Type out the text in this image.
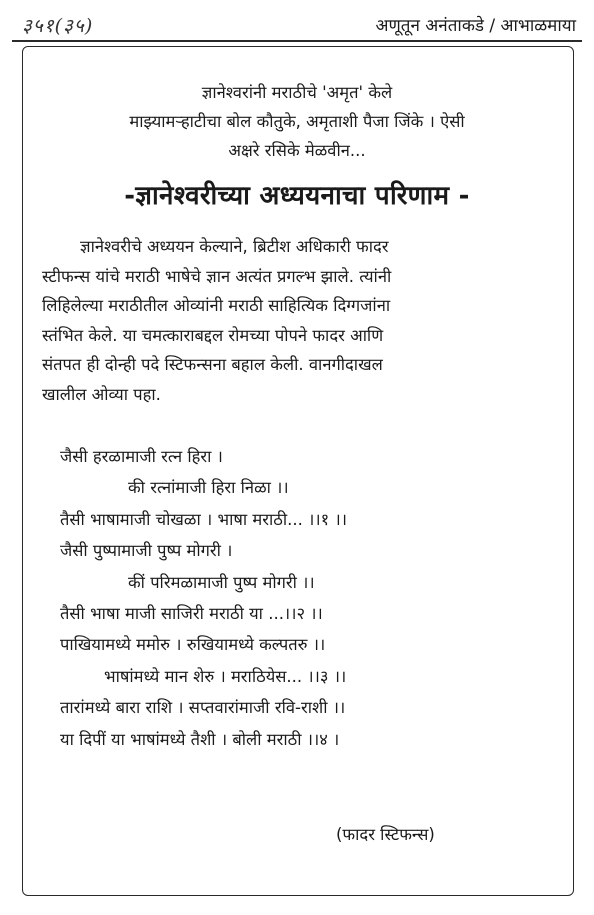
३५१(३५)	अणूतून अनंताकडे / आभाळमाया
ज्ञानेश्वरांनी मराठीचे 'अमृत' केले
माझ्यामऱ्हाटीचा बोल कौतुके, अमृताशी पैजा जिंके । ऐसी
अक्षरे रसिके मेळवीन...
-ज्ञानेश्वरीच्या अध्ययनाचा परिणाम -
ज्ञानेश्वरीचे अध्ययन केल्याने, ब्रिटीश अधिकारी फादर
स्टीफन्स यांचे मराठी भाषेचे ज्ञान अत्यंत प्रगल्भ झाले. त्यांनी
लिहिलेल्या मराठीतील ओव्यांनी मराठी साहित्यिक दिग्गजांना
स्तंभित केले. या चमत्काराबद्दल रोमच्या पोपने फादर आणि
संतपत ही दोन्ही पदे स्टिफन्सना बहाल केली. वानगीदाखल
खालील ओव्या पहा.
जैसी हरळामाजी रत्न हिरा ।
की रत्नांमाजी हिरा निळा ।।
तैसी भाषामाजी चोखळा । भाषा मराठी... ।।१ ।।
जैसी पुष्पामाजी पुष्प मोगरी ।
कीं परिमळामाजी पुष्प मोगरी ।।
तैसी भाषा माजी साजिरी मराठी या ...।।२ ।।
पाखियामध्ये ममोरु । रुखियामध्ये कल्पतरु ।।
भाषांमध्ये मान शेरु । मराठियेस... ।।३ ।।
तारांमध्ये बारा राशि । सप्तवारांमाजी रवि-राशी ।।
या दिपीं या भाषांमध्ये तैशी । बोली मराठी ।।४ ।
(फादर स्टिफन्स)
